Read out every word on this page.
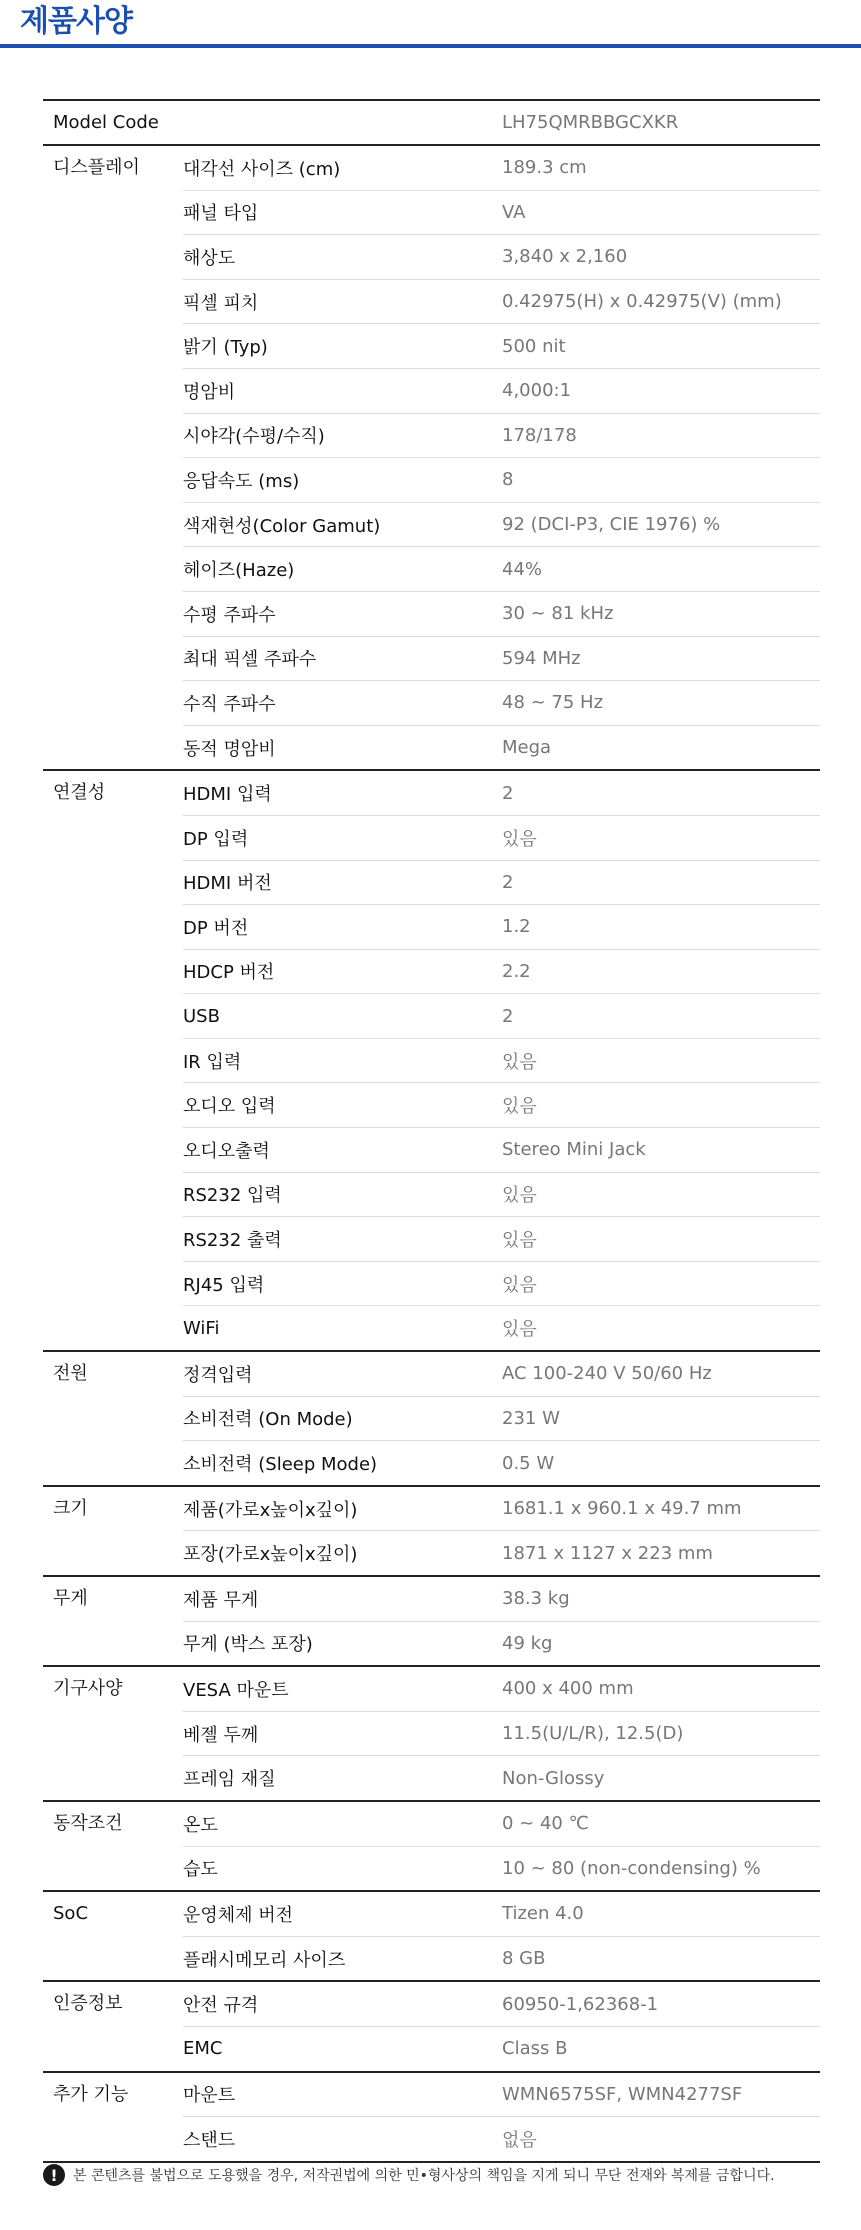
제품사양
Model Code	LH75QMRBBGCXKR
디스플레이	대각선 사이즈 (cm)	189.3 cm
패널 타입	VA
해상도	3,840 x 2,160
픽셀 피치	0.42975(H) x 0.42975(V) (mm)
밝기 (Typ)	500 nit
명암비	4,000:1
시야각(수평/수직)	178/178
응답속도 (ms)	8
색재현성(Color Gamut)	92 (DCI-P3, CIE 1976) %
헤이즈(Haze)	44%
수평 주파수	30 ~ 81 kHz
최대 픽셀 주파수	594 MHz
수직 주파수	48 ~ 75 Hz
동적 명암비	Mega
연결성	HDMI 입력	2
DP 입력	있음
HDMI 버전	2
DP 버전	1.2
HDCP 버전	2.2
USB	2
IR 입력	있음
오디오 입력	있음
오디오출력	Stereo Mini Jack
RS232 입력	있음
RS232 출력	있음
RJ45 입력	있음
WiFi	있음
전원	정격입력	AC 100-240 V 50/60 Hz
소비전력 (On Mode)	231 W
소비전력 (Sleep Mode)	0.5 W
크기	제품(가로x높이x깊이)	1681.1 x 960.1 x 49.7 mm
포장(가로x높이x깊이)	1871 x 1127 x 223 mm
무게	제품 무게	38.3 kg
무게 (박스 포장)	49 kg
기구사양	VESA 마운트	400 x 400 mm
베젤 두께	11.5(U/L/R), 12.5(D)
프레임 재질	Non-Glossy
동작조건	온도	0 ~ 40 ℃
습도	10 ~ 80 (non-condensing) %
SoC	운영체제 버전	Tizen 4.0
플래시메모리 사이즈	8 GB
인증정보	안전 규격	60950-1,62368-1
EMC	Class B
추가 기능	마운트	WMN6575SF, WMN4277SF
스탠드	없음
!	본 콘텐츠를 불법으로 도용했을 경우, 저작권법에 의한 민•형사상의 책임을 지게 되니 무단 전재와 복제를 금합니다.
